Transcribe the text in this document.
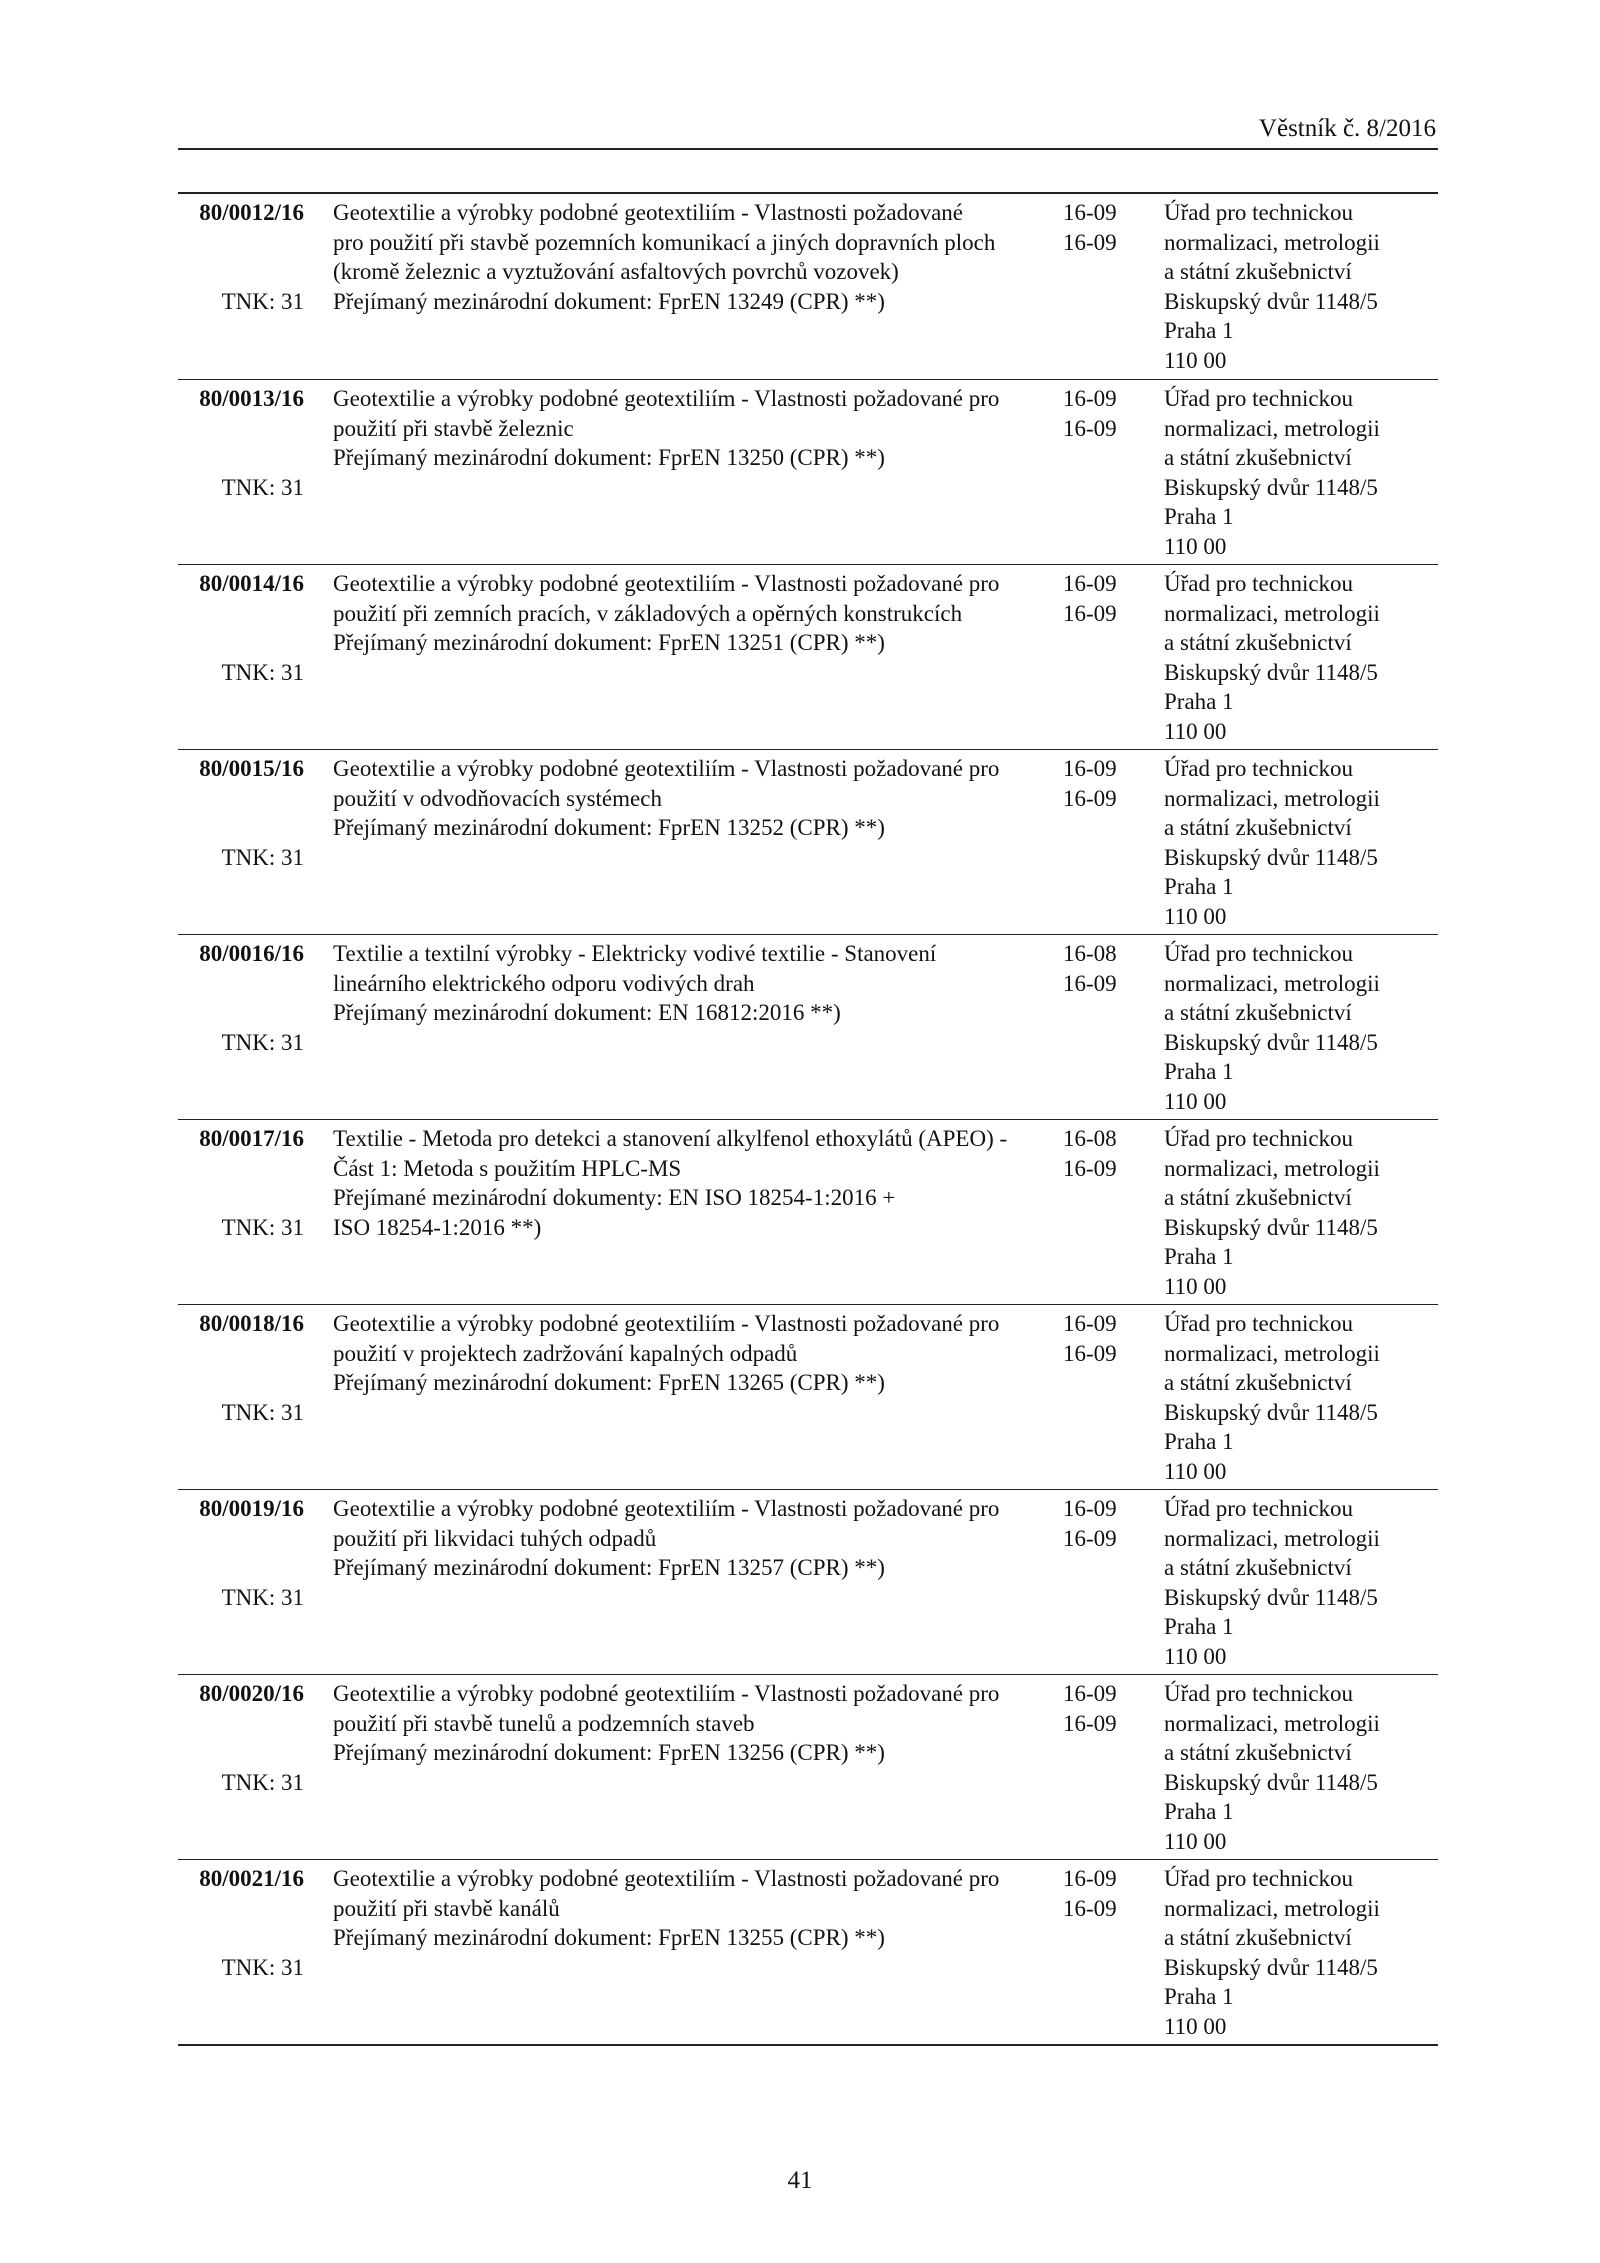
Věstník č. 8/2016
80/0012/16
TNK: 31
Geotextilie a výrobky podobné geotextiliím - Vlastnosti požadované
pro použití při stavbě pozemních komunikací a jiných dopravních ploch
(kromě železnic a vyztužování asfaltových povrchů vozovek)
Přejímaný mezinárodní dokument: FprEN 13249 (CPR) **)
16-09
16-09
Úřad pro technickou
normalizaci, metrologii
a státní zkušebnictví
Biskupský dvůr 1148/5
Praha 1
110 00
80/0013/16
TNK: 31
Geotextilie a výrobky podobné geotextiliím - Vlastnosti požadované pro
použití při stavbě železnic
Přejímaný mezinárodní dokument: FprEN 13250 (CPR) **)
16-09
16-09
Úřad pro technickou
normalizaci, metrologii
a státní zkušebnictví
Biskupský dvůr 1148/5
Praha 1
110 00
80/0014/16
TNK: 31
Geotextilie a výrobky podobné geotextiliím - Vlastnosti požadované pro
použití při zemních pracích, v základových a opěrných konstrukcích
Přejímaný mezinárodní dokument: FprEN 13251 (CPR) **)
16-09
16-09
Úřad pro technickou
normalizaci, metrologii
a státní zkušebnictví
Biskupský dvůr 1148/5
Praha 1
110 00
80/0015/16
TNK: 31
Geotextilie a výrobky podobné geotextiliím - Vlastnosti požadované pro
použití v odvodňovacích systémech
Přejímaný mezinárodní dokument: FprEN 13252 (CPR) **)
16-09
16-09
Úřad pro technickou
normalizaci, metrologii
a státní zkušebnictví
Biskupský dvůr 1148/5
Praha 1
110 00
80/0016/16
TNK: 31
Textilie a textilní výrobky - Elektricky vodivé textilie - Stanovení
lineárního elektrického odporu vodivých drah
Přejímaný mezinárodní dokument: EN 16812:2016 **)
16-08
16-09
Úřad pro technickou
normalizaci, metrologii
a státní zkušebnictví
Biskupský dvůr 1148/5
Praha 1
110 00
80/0017/16
TNK: 31
Textilie - Metoda pro detekci a stanovení alkylfenol ethoxylátů (APEO) -
Část 1: Metoda s použitím HPLC-MS
Přejímané mezinárodní dokumenty: EN ISO 18254-1:2016 +
ISO 18254-1:2016 **)
16-08
16-09
Úřad pro technickou
normalizaci, metrologii
a státní zkušebnictví
Biskupský dvůr 1148/5
Praha 1
110 00
80/0018/16
TNK: 31
Geotextilie a výrobky podobné geotextiliím - Vlastnosti požadované pro
použití v projektech zadržování kapalných odpadů
Přejímaný mezinárodní dokument: FprEN 13265 (CPR) **)
16-09
16-09
Úřad pro technickou
normalizaci, metrologii
a státní zkušebnictví
Biskupský dvůr 1148/5
Praha 1
110 00
80/0019/16
TNK: 31
Geotextilie a výrobky podobné geotextiliím - Vlastnosti požadované pro
použití při likvidaci tuhých odpadů
Přejímaný mezinárodní dokument: FprEN 13257 (CPR) **)
16-09
16-09
Úřad pro technickou
normalizaci, metrologii
a státní zkušebnictví
Biskupský dvůr 1148/5
Praha 1
110 00
80/0020/16
TNK: 31
Geotextilie a výrobky podobné geotextiliím - Vlastnosti požadované pro
použití při stavbě tunelů a podzemních staveb
Přejímaný mezinárodní dokument: FprEN 13256 (CPR) **)
16-09
16-09
Úřad pro technickou
normalizaci, metrologii
a státní zkušebnictví
Biskupský dvůr 1148/5
Praha 1
110 00
80/0021/16
TNK: 31
Geotextilie a výrobky podobné geotextiliím - Vlastnosti požadované pro
použití při stavbě kanálů
Přejímaný mezinárodní dokument: FprEN 13255 (CPR) **)
16-09
16-09
Úřad pro technickou
normalizaci, metrologii
a státní zkušebnictví
Biskupský dvůr 1148/5
Praha 1
110 00
41
